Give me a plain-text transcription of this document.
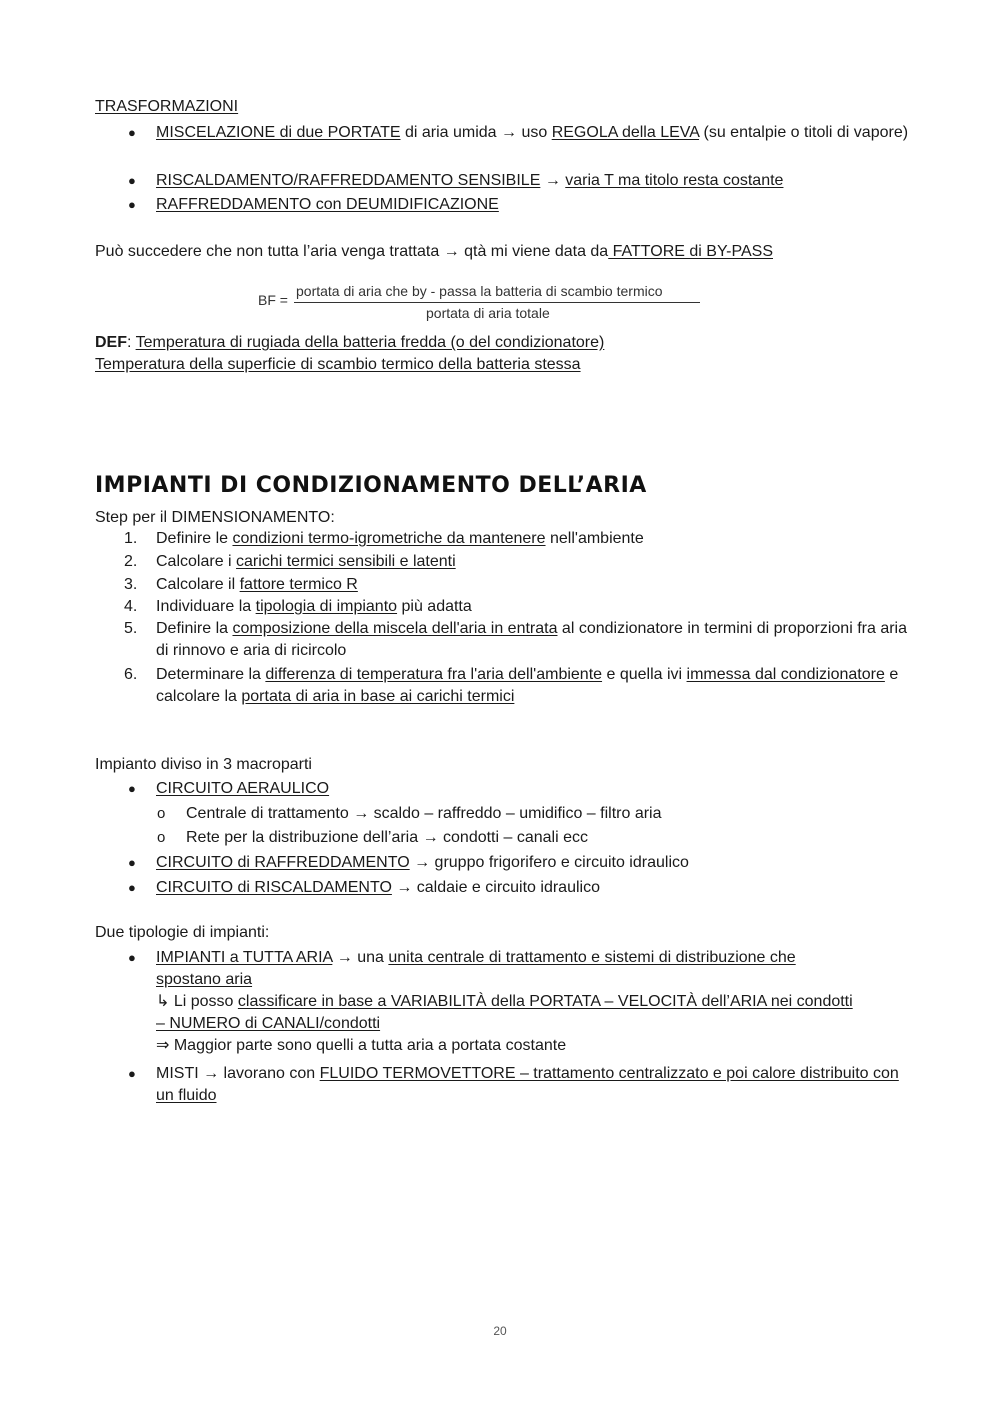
TRASFORMAZIONI
● MISCELAZIONE di due PORTATE di aria umida → uso REGOLA della LEVA (su entalpie o titoli di vapore)
● RISCALDAMENTO/RAFFREDDAMENTO SENSIBILE → varia T ma titolo resta costante
● RAFFREDDAMENTO con DEUMIDIFICAZIONE
Può succedere che non tutta l’aria venga trattata → qtà mi viene data da FATTORE di BY-PASS
BF =
portata di aria che by - passa la batteria di scambio termico
portata di aria totale
DEF: Temperatura di rugiada della batteria fredda (o del condizionatore)
Temperatura della superficie di scambio termico della batteria stessa
IMPIANTI DI CONDIZIONAMENTO DELL’ARIA
Step per il DIMENSIONAMENTO:
1. Definire le condizioni termo-igrometriche da mantenere nell'ambiente
2. Calcolare i carichi termici sensibili e latenti
3. Calcolare il fattore termico R
4. Individuare la tipologia di impianto più adatta
5. Definire la composizione della miscela dell'aria in entrata al condizionatore in termini di proporzioni fra aria di rinnovo e aria di ricircolo
6. Determinare la differenza di temperatura fra l'aria dell'ambiente e quella ivi immessa dal condizionatore e calcolare la portata di aria in base ai carichi termici
Impianto diviso in 3 macroparti
● CIRCUITO AERAULICO
o Centrale di trattamento → scaldo – raffreddo – umidifico – filtro aria
o Rete per la distribuzione dell’aria → condotti – canali ecc
● CIRCUITO di RAFFREDDAMENTO → gruppo frigorifero e circuito idraulico
● CIRCUITO di RISCALDAMENTO → caldaie e circuito idraulico
Due tipologie di impianti:
● IMPIANTI a TUTTA ARIA → una unita centrale di trattamento e sistemi di distribuzione che spostano aria
↳ Li posso classificare in base a VARIABILITÀ della PORTATA – VELOCITÀ dell’ARIA nei condotti – NUMERO di CANALI/condotti
⇒ Maggior parte sono quelli a tutta aria a portata costante
● MISTI → lavorano con FLUIDO TERMOVETTORE – trattamento centralizzato e poi calore distribuito con un fluido
20
